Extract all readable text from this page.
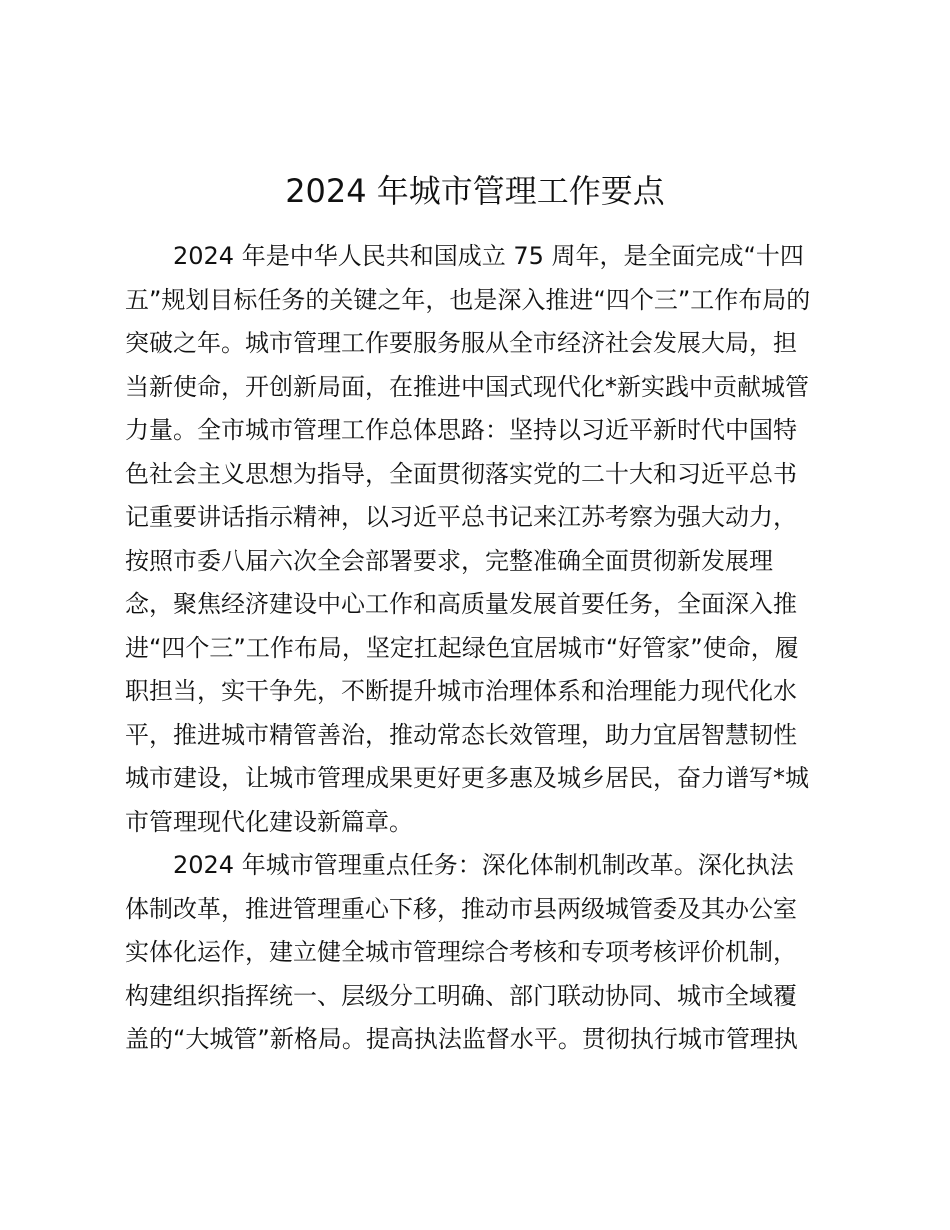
2024 年城市管理工作要点
2024 年是中华人民共和国成立 75 周年，是全面完成“十四
五”规划目标任务的关键之年，也是深入推进“四个三”工作布局的
突破之年。城市管理工作要服务服从全市经济社会发展大局，担
当新使命，开创新局面，在推进中国式现代化*新实践中贡献城管
力量。全市城市管理工作总体思路：坚持以习近平新时代中国特
色社会主义思想为指导，全面贯彻落实党的二十大和习近平总书
记重要讲话指示精神，以习近平总书记来江苏考察为强大动力，
按照市委八届六次全会部署要求，完整准确全面贯彻新发展理
念，聚焦经济建设中心工作和高质量发展首要任务，全面深入推
进“四个三”工作布局，坚定扛起绿色宜居城市“好管家”使命，履
职担当，实干争先，不断提升城市治理体系和治理能力现代化水
平，推进城市精管善治，推动常态长效管理，助力宜居智慧韧性
城市建设，让城市管理成果更好更多惠及城乡居民，奋力谱写*城
市管理现代化建设新篇章。
2024 年城市管理重点任务：深化体制机制改革。深化执法
体制改革，推进管理重心下移，推动市县两级城管委及其办公室
实体化运作，建立健全城市管理综合考核和专项考核评价机制，
构建组织指挥统一、层级分工明确、部门联动协同、城市全域覆
盖的“大城管”新格局。提高执法监督水平。贯彻执行城市管理执
